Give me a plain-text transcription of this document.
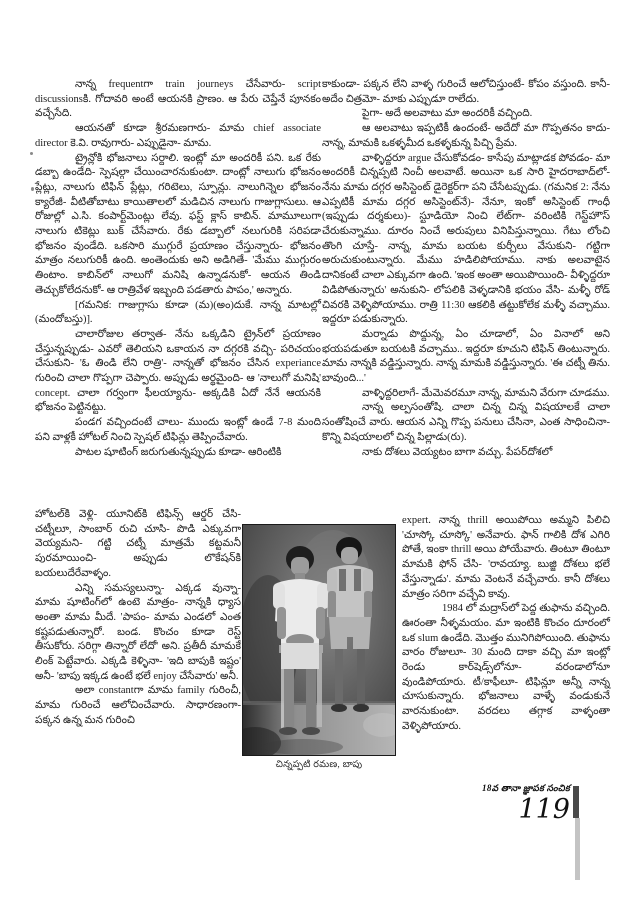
నాన్న frequentగా train journeys చేసేవారు- script discussionsకి. గోదావరి అంటే ఆయనకి ప్రాణం. ఆ పేరు చెప్తేనే పూనకం వచ్చేసేది.

ఆయనతో కూడా శ్రీరమణగారు- మామ chief associate director కె.వి. రావుగారు- ఎప్పుడైనా- మామ.

ట్రైన్లోకి భోజనాలు సర్దాలి. ఇంట్లో మా అందరికీ పని. ఒక రేకు డబ్బా ఉండేది- స్పెషల్గా చేయించారనుకుంటా. దాంట్లో నాలుగు భోజనం ప్లేట్లు, నాలుగు టిఫిన్ ప్లేట్లు, గరిటెలు, స్పూన్లు. నాలుగిన్నెల భోజనం క్యారేజీ- వీటితోబాటు కాయితాలలో మడిచిన నాలుగు గాజుగ్లాసులు. ఆ రోజుల్లో ఎ.సి. కంపార్ట్‌మెంట్లు లేవు. ఫస్ట్ క్లాస్ కాబిన్. మామూలుగా నాలుగు టికెట్లు బుక్ చేసేవారు. రేకు డబ్బాలో నలుగురికి సరిపడా భోజనం వుండేది. ఒకసారి ముగ్గురే ప్రయాణం చేస్తున్నారు- భోజనం మాత్రం నలుగురికీ ఉంది. అంతెందుకు అని అడిగితే- 'మేము ముగ్గురం తింటాం. కాబిన్‌లో నాలుగో మనిషి ఉన్నాడనుకో- ఆయన తిండి తెచ్చుకోలేదనుకో- ఆ రాత్రివేళ ఇబ్బంది పడతారు పాపం,' అన్నారు.

[గమనిక: గాజుగ్లాసు కూడా (మ)(అం)దుకే. నాన్న మాటల్లో (మందోబస్తు)].

చాలారోజుల తర్వాత- నేను ఒక్కడిని ట్రైన్‌లో ప్రయాణం చేస్తున్నప్పుడు- ఎవరో తెలియని ఒకాయన నా దగ్గరకి వచ్చి- పరిచయం చేసుకుని- 'ఓ తిండి లేని రాత్రి'- నాన్నతో భోజనం చేసిన experiance గురించి చాలా గొప్పగా చెప్పారు. అప్పుడు అర్థమైంది- ఆ 'నాలుగో మనిషి' concept. చాలా గర్వంగా ఫీలయ్యాను- అక్కడికి ఏదో నేనే ఆయనకి భోజనం పెట్టినట్టు.

పండగ వచ్చిందంటే చాలు- ముందు ఇంట్లో ఉండే 7-8 మంది పని వాళ్లకీ హోటల్ నించి స్పెషల్ టిఫిన్లు తెప్పించేవారు.

పాటల షూటింగ్ జరుగుతున్నప్పుడు కూడా- ఆరింటికి

హోటల్‌కి వెళ్లి- యూనిట్‌కి టిఫిన్స్ ఆర్డర్ చేసి- చట్నీలూ, సాంబార్ రుచి చూసి- పొడి ఎక్కువగా వెయ్యమని- గట్టి చట్నీ మాత్రమే కట్టమనీ పురమాయించి- అప్పుడు లొకేషన్‌కి బయలుదేరేవాళ్ళం.

ఎన్ని సమస్యలున్నా- ఎక్కడ వున్నా- మామ షూటింగ్‌లో ఉంటె మాత్రం- నాన్నకి ధ్యాస అంతా మామ మీదే. 'పాపం- మామ ఎండలో ఎంత కష్టపడుతున్నారో. బండ. కొంచం కూడా రెస్ట్ తీసుకోరు. సరిగ్గా తిన్నారో లేదో' అని. ప్రతీదీ మామకే లింక్ పెట్టేవారు. ఎక్కడి కెళ్ళినా- 'ఇది బాపుకి ఇష్టం' అనీ- 'బాపు ఇక్కడ ఉంటే భలే enjoy చేసేవారు' అనీ.

అలా constantగా మామ family గురించీ, మామ గురించే ఆలోచించేవారు. సాధారణంగా- పక్కన ఉన్న మన గురించి

కాకుండా- పక్కన లేని వాళ్ళ గురించే ఆలోచిస్తుంటే- కోపం వస్తుంది. కానీ- అదేం చిత్రమో- మాకు ఎప్పుడూ రాలేదు.

పైగా- అదే అలవాటు మా అందరికీ వచ్చింది.

ఆ అలవాటు ఇప్పటికీ ఉందంటే- అదేదో మా గొప్పతనం కాదు- నాన్న, మామకి ఒకళ్ళమీద ఒకళ్ళకున్న పిచ్చి ప్రేమ.

వాళ్ళిద్దరూ argue చేసుకోవడం- కాసేపు మాట్లాడక పోవడం- మా అందరికీ చిన్నప్పటి నించీ అలవాటే. అయినా ఒక సారి హైదరాబాద్‌లో- నేను మామ దగ్గర అసిస్టెంట్ డైరెక్టర్‌గా పని చేసేటప్పుడు. (గమనిక 2: నేను ఎప్పటికీ మామ దగ్గర అసిస్టెంట్‌నే)- నేనూ, ఇంకో అసిస్టెంట్ గాంధీ (ఇప్పుడు దర్శకులు)- స్టూడియో నించి లేట్‌గా- వరింటికి గెస్ట్‌హౌస్ చేరుకున్నాము. దూరం నించే అరుపులు వినిపిస్తున్నాయి. గేటు లోంచి తొంగి చూస్తే- నాన్న, మామ బయట కుర్చీలు వేసుకుని- గట్టిగా అరుచుకుంటున్నారు. మేము హడిలిపోయాము. నాకు అలవాటైన దానికంటే చాలా ఎక్కువగా ఉంది. 'ఇంక అంతా అయిపొయింది- వీళ్ళిద్దరూ విడిపోతున్నారు' అనుకుని- లోపలికి వెళ్ళడానికి భయం వేసి- మళ్ళీ రోడ్ చివరకి వెళ్ళిపోయాము. రాత్రి 11:30 ఆకలికి తట్టుకోలేక మళ్ళీ వచ్చాము. ఇద్దరూ పడుకున్నారు.

మర్నాడు పొద్దున్న, ఏం చూడాలో, ఏం వినాలో అని భయపడుతూ బయటకి వచ్చాము.. ఇద్దరూ కూచుని టిఫిన్ తింటున్నారు. మామ నాన్నకి వడ్డిస్తున్నారు. నాన్న మామకి వడ్డిస్తున్నారు. 'ఈ చట్నీ తిను. బావుంది...'

వాళ్ళిద్దరిలాగే- మేమెవరమూ నాన్న, మామని వేరుగా చూడము.

నాన్న అల్పసంతోషి. చాలా చిన్న చిన్న విషయాలకే చాలా సంతోషించే వారు. ఆయన ఎన్ని గొప్ప పనులు చేసినా, ఎంత సాధించినా- కొన్ని విషయాలలో చిన్న పిల్లాడు(రు).

నాకు దోశలు వెయ్యటం బాగా వచ్చు. పేపర్‌దోశలో

expert. నాన్న thrill అయిపోయి అమ్మని పిలిచి 'చూస్కో చూస్కో' అనేవారు. ఫాన్ గాలికి దోశ ఎగిరి పోతే, ఇంకా thrill అయి పోయేవారు. తింటూ తింటూ మామకి ఫోన్ చేసి- 'రావయ్యా. బుజ్జి దోశలు భలే వేస్తున్నాడు'. మామ వెంటనే వచ్చేవారు. కానీ దోశలు మాత్రం సరిగా వచ్చేవి కావు.

1984 లో మద్రాస్‌లో పెద్ద తుఫాను వచ్చింది. ఊరంతా నీళ్ళమయం. మా ఇంటికి కొంచం దూరంలో ఒక slum ఉండేది. మొత్తం మునిగిపోయింది. తుఫాను వారం రోజులూ- 30 మంది దాకా వచ్చి మా ఇంట్లో రెండు కార్‌షెడ్స్‌లోనూ- వరండాలోనూ వుండిపోయారు. టీ/కాఫీలూ- టిఫిన్లూ అన్నీ నాన్న చూసుకున్నారు. భోజనాలు వాళ్ళే వండుకునే వారనుకుంటా. వరదలు తగ్గాక వాళ్ళంతా వెళ్ళిపోయారు.

చిన్నప్పటి రమణ, బాపు
18వ తానా జ్ఞాపక సంచిక
119
